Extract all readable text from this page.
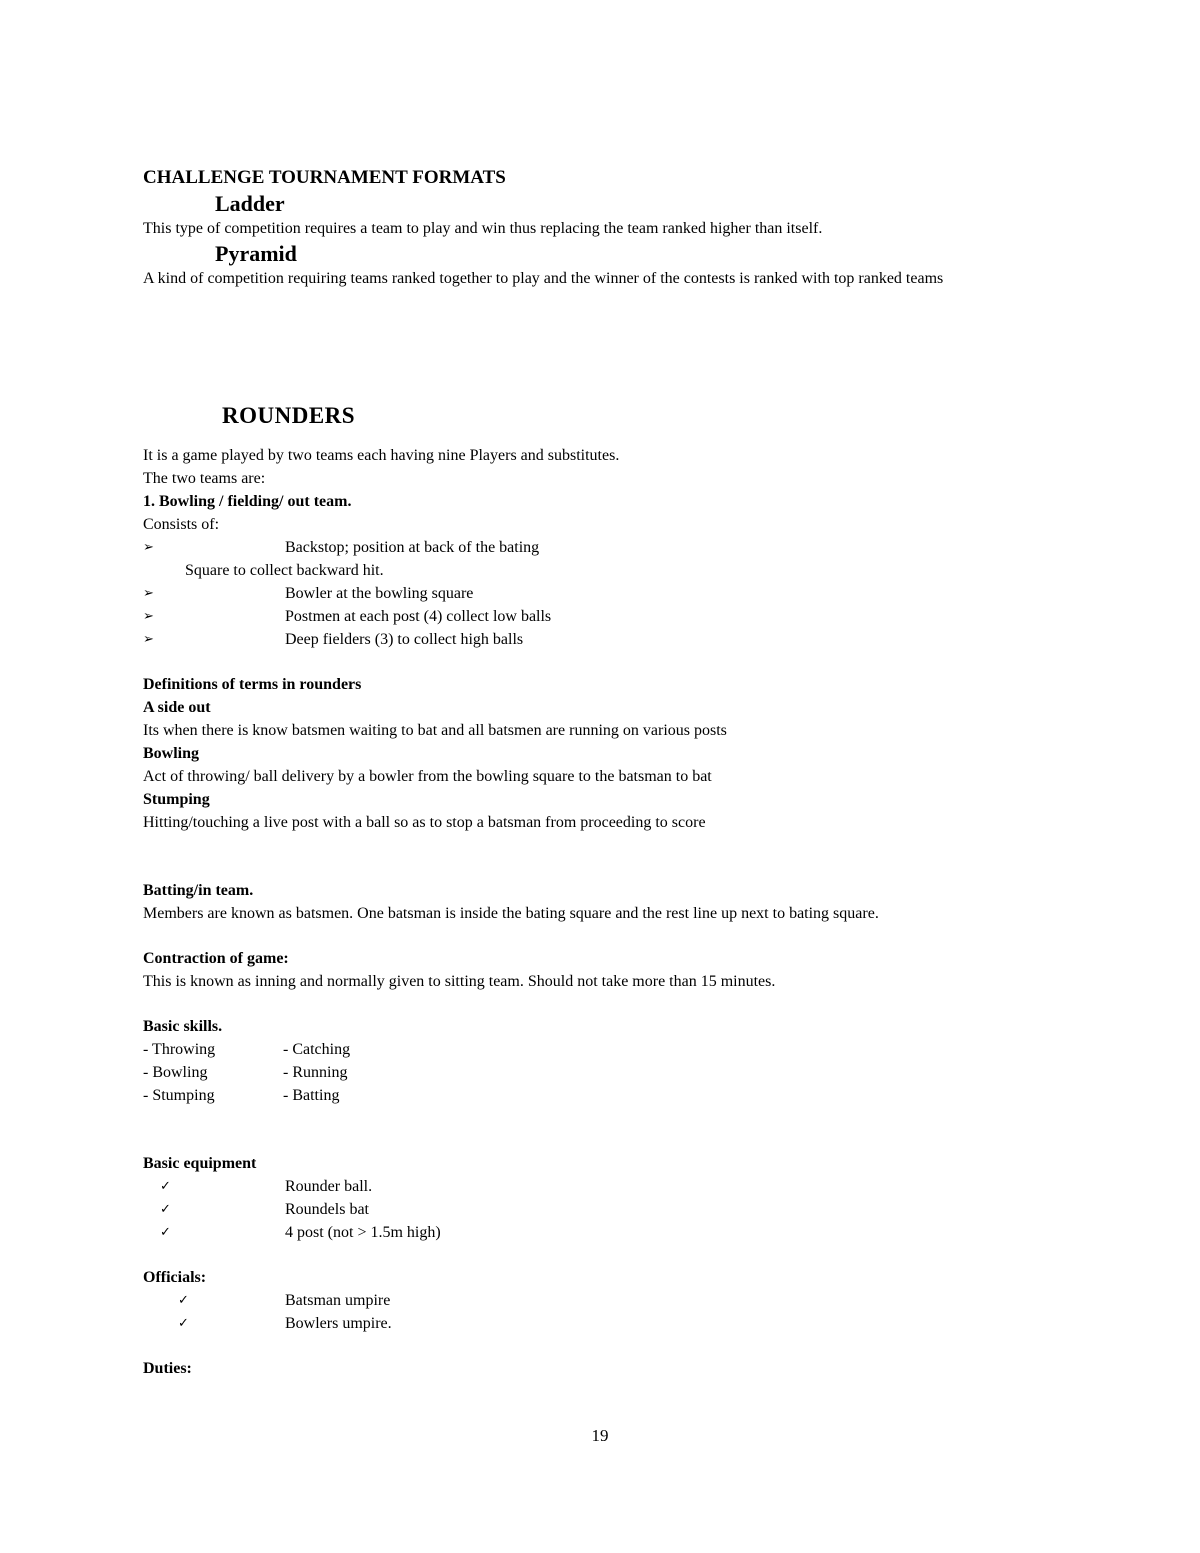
CHALLENGE TOURNAMENT FORMATS
Ladder
This type of competition requires a team to play and win thus replacing the team ranked higher than itself.
Pyramid
A kind of competition requiring teams ranked together to play and the winner of the contests is ranked with top ranked teams
ROUNDERS
It is a game played by two teams each having nine Players and substitutes.
The two teams are:
1. Bowling / fielding/ out team.
Consists of:
➢	Backstop; position at back of the bating
Square to collect backward hit.
➢	Bowler at the bowling square
➢	Postmen at each post (4) collect low balls
➢	Deep fielders (3) to collect high balls
Definitions of terms in rounders
A side out
Its when there is know batsmen waiting to bat and all batsmen are running on various posts
Bowling
Act of throwing/ ball delivery by a bowler from the bowling square to the batsman to bat
Stumping
Hitting/touching a live post with a ball so as to stop a batsman from proceeding to score
Batting/in team.
Members are known as batsmen. One batsman is inside the bating square and the rest line up next to bating square.
Contraction of game:
This is known as inning and normally given to sitting team. Should not take more than 15 minutes.
Basic skills.
- Throwing	- Catching
- Bowling	- Running
- Stumping	- Batting
Basic equipment
✓	Rounder ball.
✓	Roundels bat
✓	4 post (not > 1.5m high)
Officials:
✓	Batsman umpire
✓	Bowlers umpire.
Duties:
19
